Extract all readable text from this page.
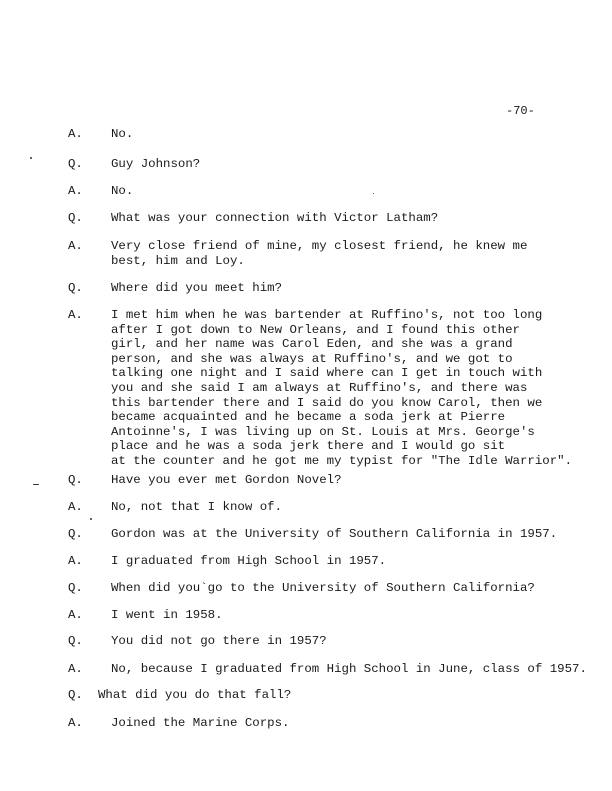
-70-
A. No.
Q. Guy Johnson?
A. No.
Q. What was your connection with Victor Latham?
A. Very close friend of mine, my closest friend, he knew me
best, him and Loy.
Q. Where did you meet him?
A. I met him when he was bartender at Ruffino's, not too long
after I got down to New Orleans, and I found this other
girl, and her name was Carol Eden, and she was a grand
person, and she was always at Ruffino's, and we got to
talking one night and I said where can I get in touch with
you and she said I am always at Ruffino's, and there was
this bartender there and I said do you know Carol, then we
became acquainted and he became a soda jerk at Pierre
Antoinne's, I was living up on St. Louis at Mrs. George's
place and he was a soda jerk there and I would go sit
at the counter and he got me my typist for "The Idle Warrior".
Q. Have you ever met Gordon Novel?
A. No, not that I know of.
Q. Gordon was at the University of Southern California in 1957.
A. I graduated from High School in 1957.
Q. When did you`go to the University of Southern California?
A. I went in 1958.
Q. You did not go there in 1957?
A. No, because I graduated from High School in June, class of 1957.
Q. What did you do that fall?
A. Joined the Marine Corps.
